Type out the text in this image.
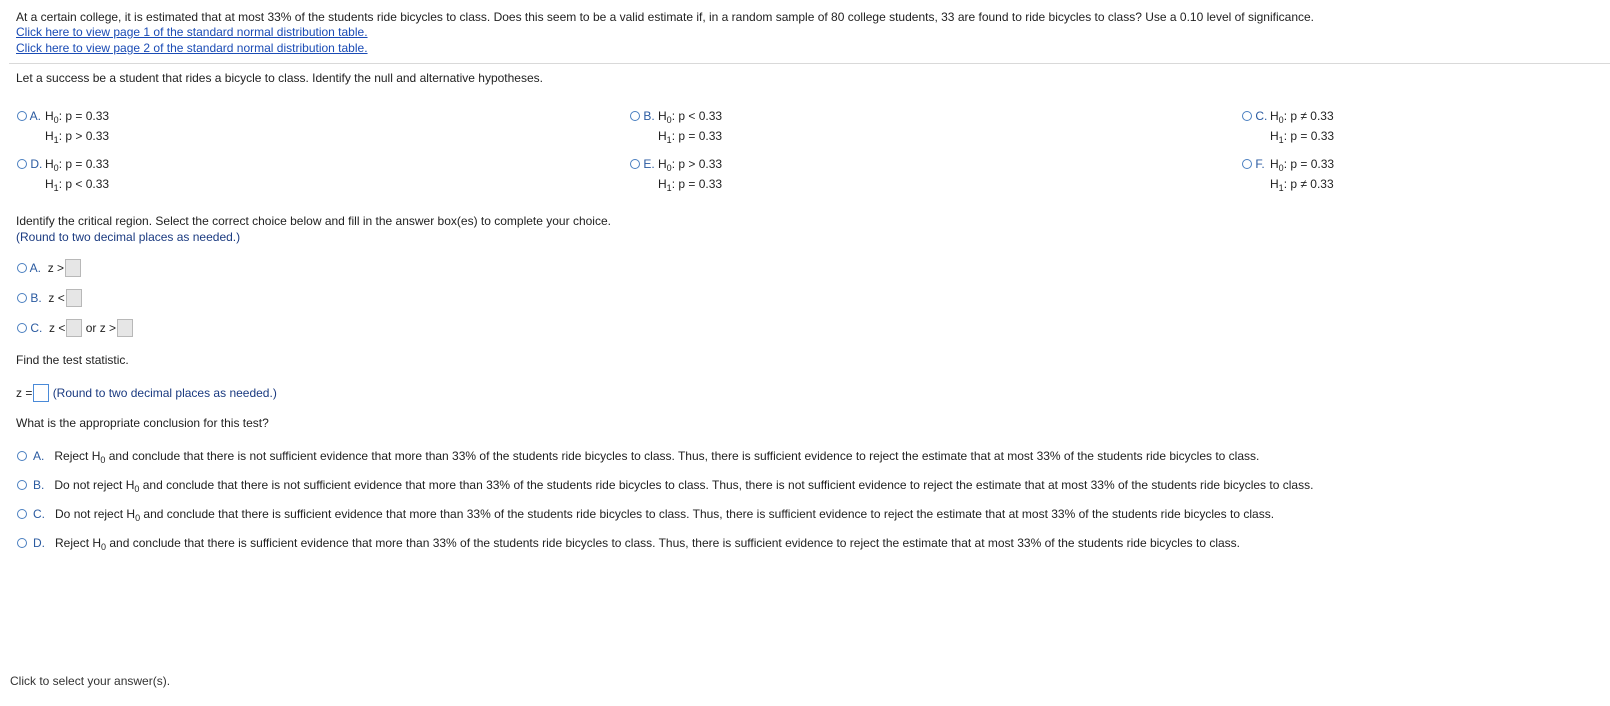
At a certain college, it is estimated that at most 33% of the students ride bicycles to class. Does this seem to be a valid estimate if, in a random sample of 80 college students, 33 are found to ride bicycles to class? Use a 0.10 level of significance.
Click here to view page 1 of the standard normal distribution table.
Click here to view page 2 of the standard normal distribution table.
Let a success be a student that rides a bicycle to class. Identify the null and alternative hypotheses.
A. $H_0$: p = 0.33
$H_1$: p > 0.33
B. $H_0$: p < 0.33
$H_1$: p = 0.33
C. $H_0$: p ≠ 0.33
$H_1$: p = 0.33
D. $H_0$: p = 0.33
$H_1$: p < 0.33
E. $H_0$: p > 0.33
$H_1$: p = 0.33
F. $H_0$: p = 0.33
$H_1$: p ≠ 0.33
Identify the critical region. Select the correct choice below and fill in the answer box(es) to complete your choice.
(Round to two decimal places as needed.)
A. z >
B. z <
C. z < or z >
Find the test statistic.
z = (Round to two decimal places as needed.)
What is the appropriate conclusion for this test?
A. Reject $H_0$ and conclude that there is not sufficient evidence that more than 33% of the students ride bicycles to class. Thus, there is sufficient evidence to reject the estimate that at most 33% of the students ride bicycles to class.
B. Do not reject $H_0$ and conclude that there is not sufficient evidence that more than 33% of the students ride bicycles to class. Thus, there is not sufficient evidence to reject the estimate that at most 33% of the students ride bicycles to class.
C. Do not reject $H_0$ and conclude that there is sufficient evidence that more than 33% of the students ride bicycles to class. Thus, there is sufficient evidence to reject the estimate that at most 33% of the students ride bicycles to class.
D. Reject $H_0$ and conclude that there is sufficient evidence that more than 33% of the students ride bicycles to class. Thus, there is sufficient evidence to reject the estimate that at most 33% of the students ride bicycles to class.
Click to select your answer(s).
